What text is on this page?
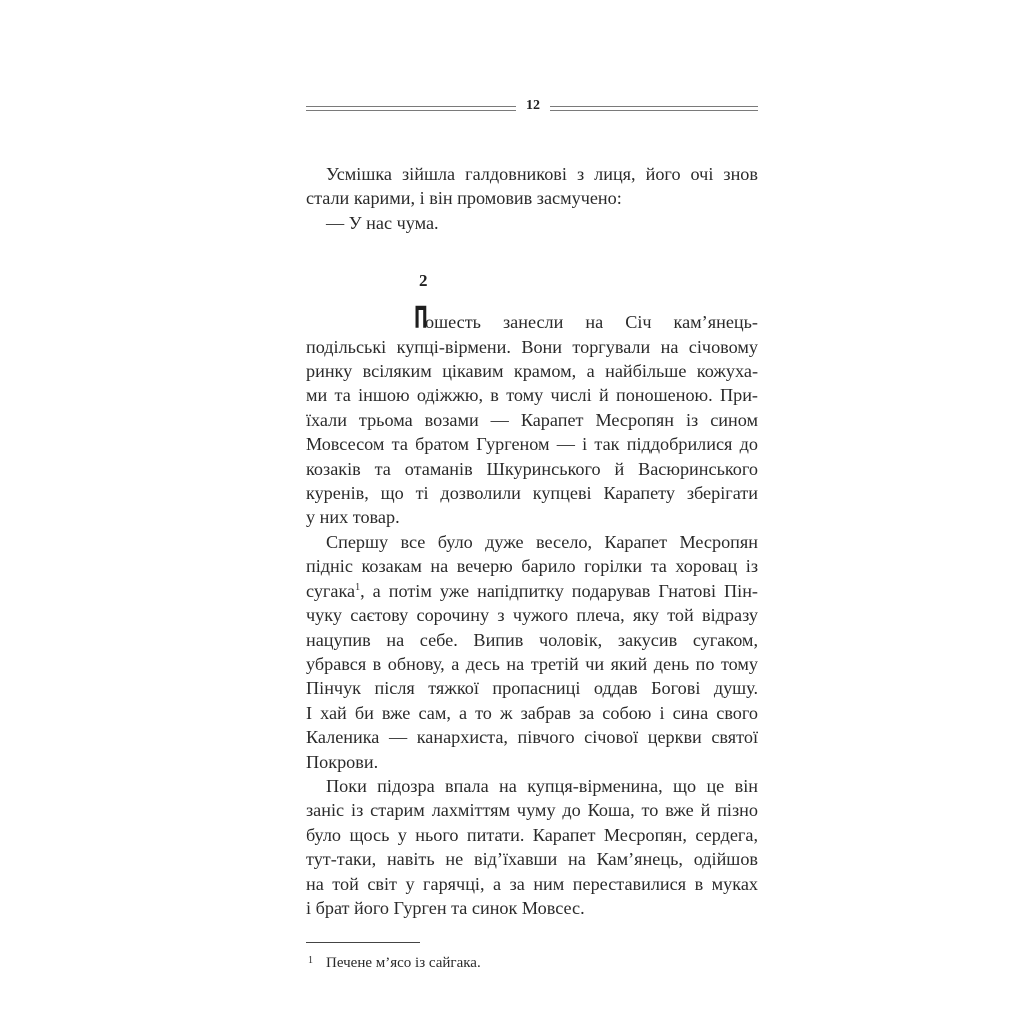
12

Усмішка зійшла галдовникові з лиця, його очі знов
стали карими, і він промовив засмучено:

— У нас чума.

2

Пошесть занесли на Січ кам’янець-
подільські купці-вірмени. Вони торгували на січовому
ринку всіляким цікавим крамом, а найбільше кожуха-
ми та іншою одіжжю, в тому числі й поношеною. При-
їхали трьома возами — Карапет Месропян із сином
Мовсесом та братом Гургеном — і так піддобрилися до
козаків та отаманів Шкуринського й Васюринського
куренів, що ті дозволили купцеві Карапету зберігати
у них товар.

Спершу все було дуже весело, Карапет Месропян
підніс козакам на вечерю барило горілки та хоровац із
сугака$^1$, а потім уже напідпитку подарував Гнатові Пін-
чуку саєтову сорочину з чужого плеча, яку той відразу
нацупив на себе. Випив чоловік, закусив сугаком,
убрався в обнову, а десь на третій чи який день по тому
Пінчук після тяжкої пропасниці оддав Богові душу.
І хай би вже сам, а то ж забрав за собою і сина свого
Каленика — канархиста, півчого січової церкви святої
Покрови.

Поки підозра впала на купця-вірменина, що це він
заніс із старим лахміттям чуму до Коша, то вже й пізно
було щось у нього питати. Карапет Месропян, сердега,
тут-таки, навіть не від’їхавши на Кам’янець, одійшов
на той світ у гарячці, а за ним переставилися в муках
і брат його Гурген та синок Мовсес.

1 Печене м’ясо із сайгака.
